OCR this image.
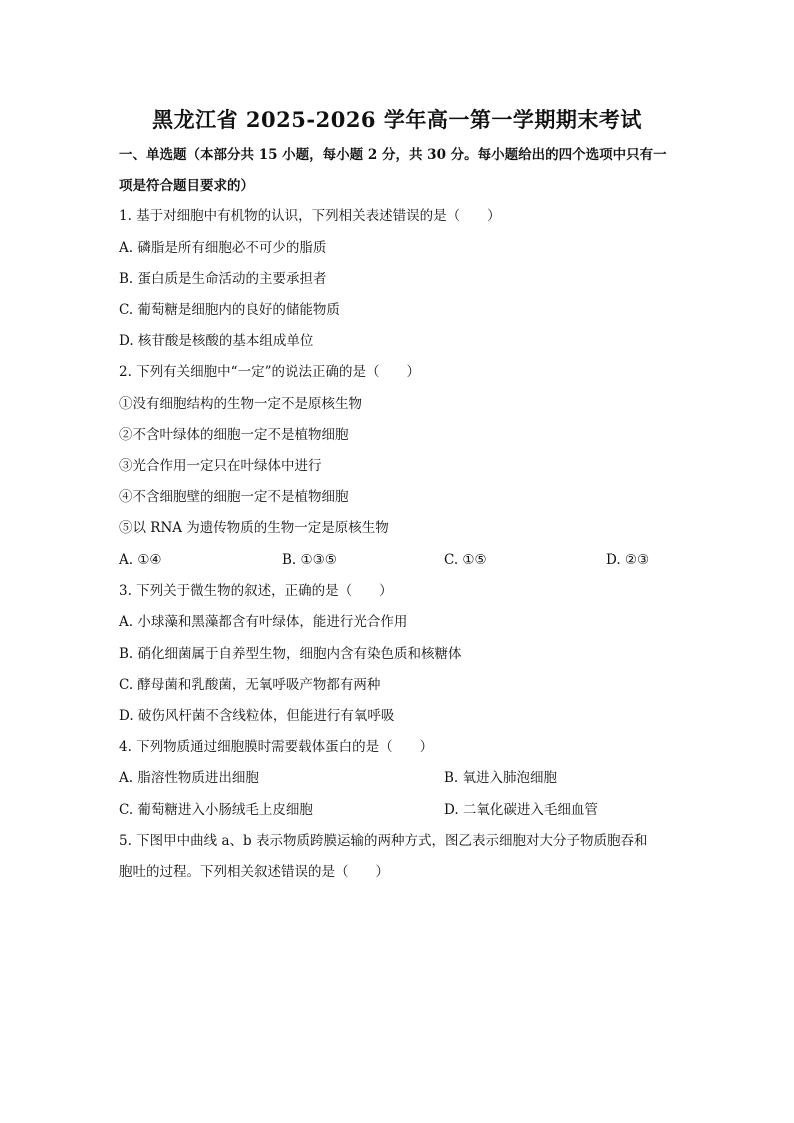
黑龙江省 2025-2026 学年高一第一学期期末考试
一、单选题（本部分共 15 小题，每小题 2 分，共 30 分。每小题给出的四个选项中只有一
项是符合题目要求的）
1. 基于对细胞中有机物的认识，下列相关表述错误的是（　　）
A. 磷脂是所有细胞必不可少的脂质
B. 蛋白质是生命活动的主要承担者
C. 葡萄糖是细胞内的良好的储能物质
D. 核苷酸是核酸的基本组成单位
2. 下列有关细胞中“一定”的说法正确的是（　　）
①没有细胞结构的生物一定不是原核生物
②不含叶绿体的细胞一定不是植物细胞
③光合作用一定只在叶绿体中进行
④不含细胞壁的细胞一定不是植物细胞
⑤以 RNA 为遗传物质的生物一定是原核生物
A. ①④	B. ①③⑤	C. ①⑤	D. ②③
3. 下列关于微生物的叙述，正确的是（　　）
A. 小球藻和黑藻都含有叶绿体，能进行光合作用
B. 硝化细菌属于自养型生物，细胞内含有染色质和核糖体
C. 酵母菌和乳酸菌，无氧呼吸产物都有两种
D. 破伤风杆菌不含线粒体，但能进行有氧呼吸
4. 下列物质通过细胞膜时需要载体蛋白的是（　　）
A. 脂溶性物质进出细胞	B. 氧进入肺泡细胞
C. 葡萄糖进入小肠绒毛上皮细胞	D. 二氧化碳进入毛细血管
5. 下图甲中曲线 a、b 表示物质跨膜运输的两种方式，图乙表示细胞对大分子物质胞吞和
胞吐的过程。下列相关叙述错误的是（　　）
